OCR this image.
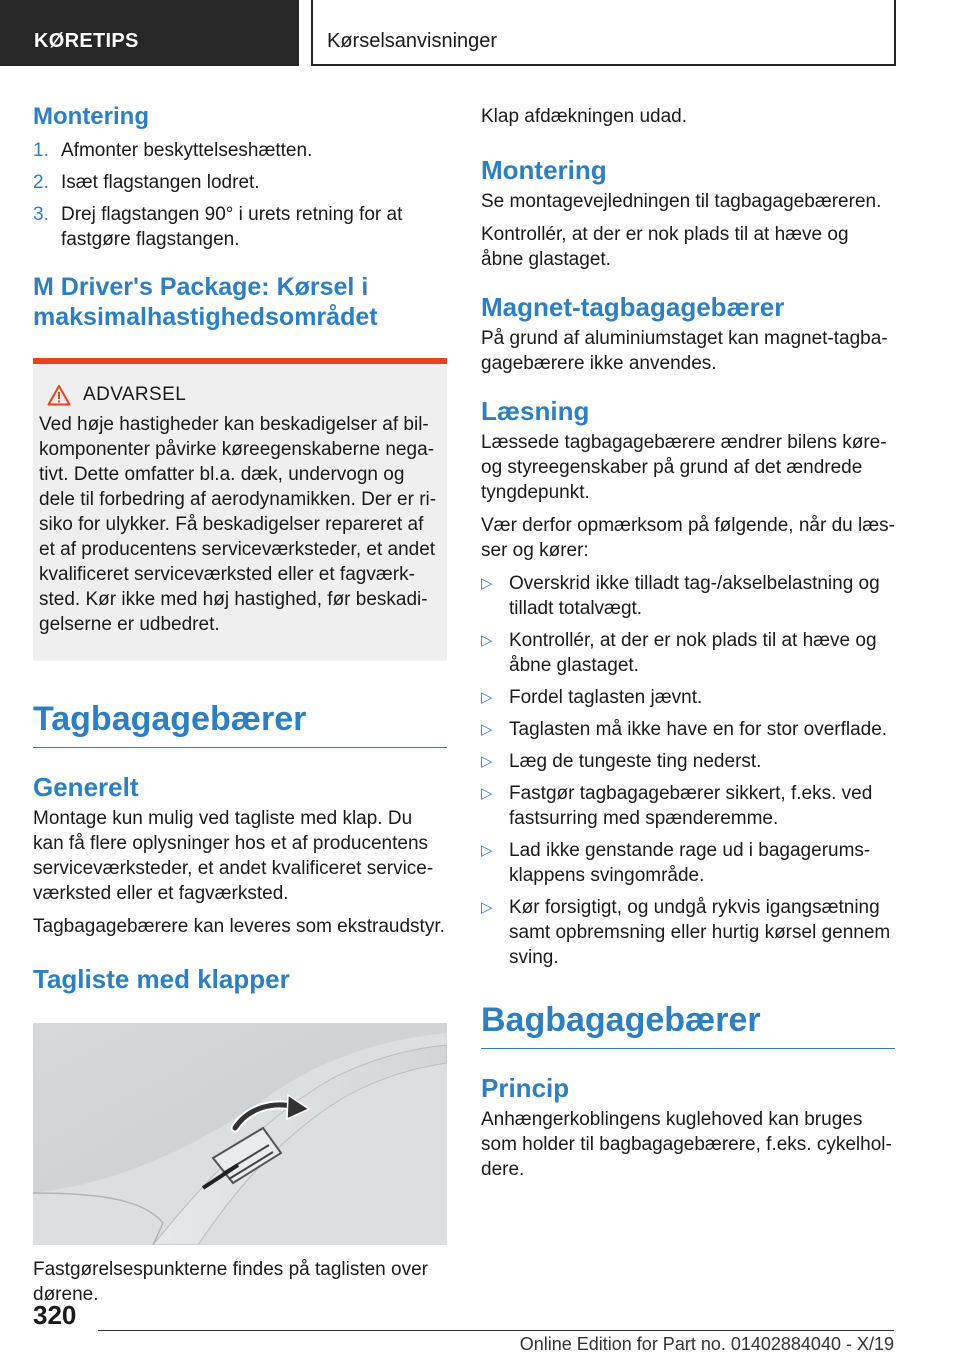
KØRETIPS	Kørselsanvisninger
Montering
1. Afmonter beskyttelseshætten.
2. Isæt flagstangen lodret.
3. Drej flagstangen 90° i urets retning for at fastgøre flagstangen.
M Driver's Package: Kørsel i maksimalhastighedsområdet
ADVARSEL

Ved høje hastigheder kan beskadigelser af bilkomponenter påvirke køreegenskaberne negativt. Dette omfatter bl.a. dæk, undervogn og dele til forbedring af aerodynamikken. Der er risiko for ulykker. Få beskadigelser repareret af et af producentens serviceværksteder, et andet kvalificeret serviceværksted eller et fagværksted. Kør ikke med høj hastighed, før beskadigelserne er udbedret.

Tagbagagebærer
Generelt

Montage kun mulig ved tagliste med klap. Du kan få flere oplysninger hos et af producentens serviceværksteder, et andet kvalificeret serviceværksted eller et fagværksted.

Tagbagagebærere kan leveres som ekstraudstyr.

Tagliste med klapper

Fastgørelsespunkterne findes på taglisten over dørene.

Klap afdækningen udad.

Montering

Se montagevejledningen til tagbagagebæreren.

Kontrollér, at der er nok plads til at hæve og åbne glastaget.

Magnet-tagbagagebærer

På grund af aluminiumstaget kan magnet-tagbagagebærere ikke anvendes.

Læsning

Læssede tagbagagebærere ændrer bilens køre- og styreegenskaber på grund af det ændrede tyngdepunkt.

Vær derfor opmærksom på følgende, når du læsser og kører:

▷ Overskrid ikke tilladt tag-/akselbelastning og tilladt totalvægt.
▷ Kontrollér, at der er nok plads til at hæve og åbne glastaget.
▷ Fordel taglasten jævnt.
▷ Taglasten må ikke have en for stor overflade.
▷ Læg de tungeste ting nederst.
▷ Fastgør tagbagagebærer sikkert, f.eks. ved fastsurring med spænderemme.
▷ Lad ikke genstande rage ud i bagagerumsklappens svingområde.
▷ Kør forsigtigt, og undgå rykvis igangsætning samt opbremsning eller hurtig kørsel gennem sving.
Bagbagagebærer
Princip

Anhængerkoblingens kuglehoved kan bruges som holder til bagbagagebærere, f.eks. cykelholdere.

320
Online Edition for Part no. 01402884040 - X/19
